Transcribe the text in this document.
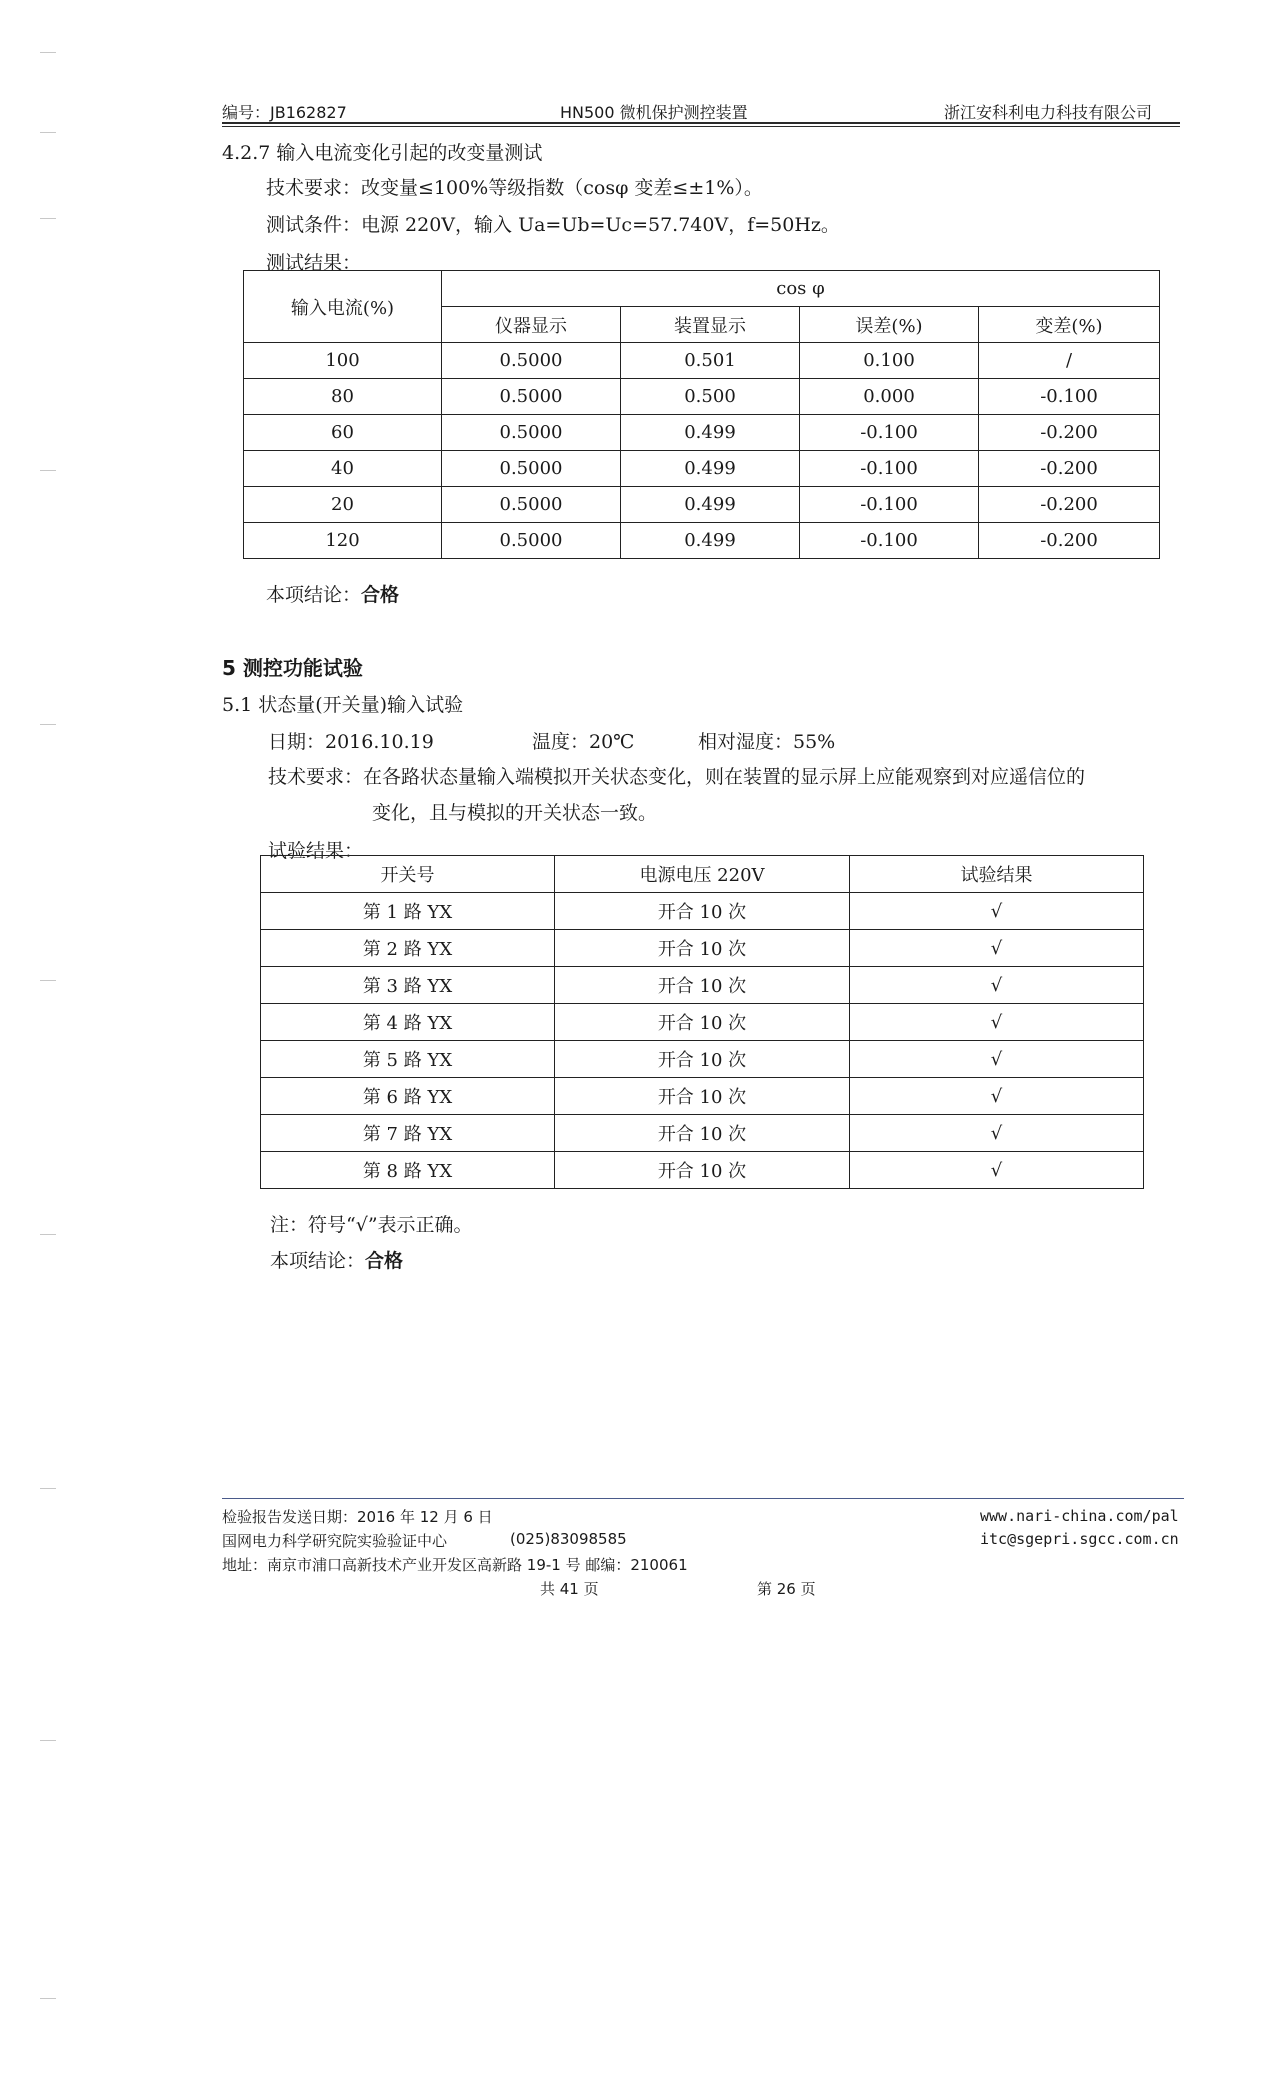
编号：JB162827	HN500 微机保护测控装置	浙江安科利电力科技有限公司
4.2.7 输入电流变化引起的改变量测试
技术要求：改变量≤100%等级指数（cosφ 变差≤±1%）。
测试条件：电源 220V，输入 Ua=Ub=Uc=57.740V，f=50Hz。
测试结果：
输入电流(%)	cos φ			
	仪器显示	装置显示	误差(%)	变差(%)
100	0.5000	0.501	0.100	/
80	0.5000	0.500	0.000	-0.100
60	0.5000	0.499	-0.100	-0.200
40	0.5000	0.499	-0.100	-0.200
20	0.5000	0.499	-0.100	-0.200
120	0.5000	0.499	-0.100	-0.200
本项结论：合格
5 测控功能试验
5.1 状态量(开关量)输入试验
日期：2016.10.19	温度：20℃	相对湿度：55%
技术要求：在各路状态量输入端模拟开关状态变化，则在装置的显示屏上应能观察到对应遥信位的
变化，且与模拟的开关状态一致。
试验结果：
开关号	电源电压 220V	试验结果
第 1 路 YX	开合 10 次	√
第 2 路 YX	开合 10 次	√
第 3 路 YX	开合 10 次	√
第 4 路 YX	开合 10 次	√
第 5 路 YX	开合 10 次	√
第 6 路 YX	开合 10 次	√
第 7 路 YX	开合 10 次	√
第 8 路 YX	开合 10 次	√
注：符号“√”表示正确。
本项结论：合格
检验报告发送日期：2016 年 12 月 6 日
国网电力科学研究院实验验证中心	(025)83098585
地址：南京市浦口高新技术产业开发区高新路 19-1 号 邮编：210061
www.nari-china.com/pal
itc@sgepri.sgcc.com.cn
共 41 页	第 26 页
